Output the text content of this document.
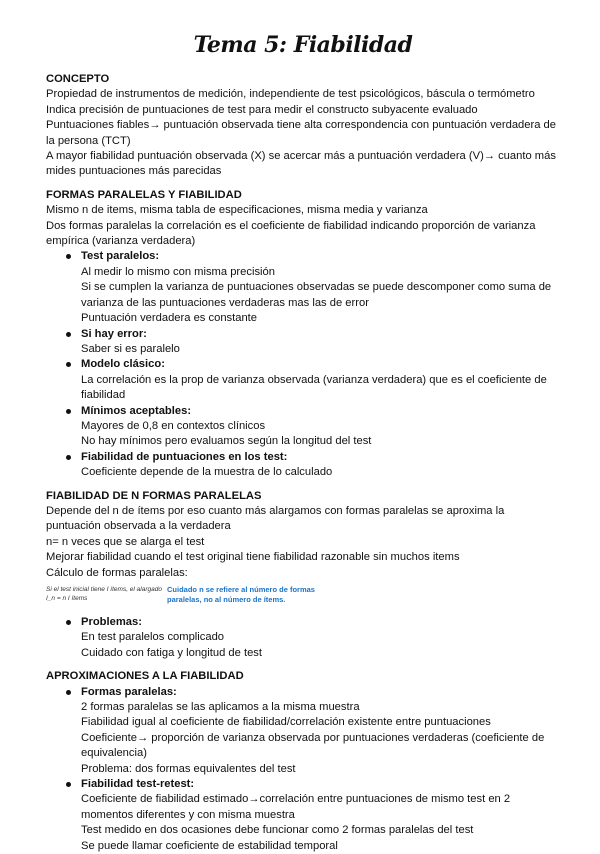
Tema 5: Fiabilidad
CONCEPTO

Propiedad de instrumentos de medición, independiente de test psicológicos, báscula o termómetro

Indica precisión de puntuaciones de test para medir el constructo subyacente evaluado

Puntuaciones fiables→ puntuación observada tiene alta correspondencia con puntuación verdadera de la persona (TCT)

A mayor fiabilidad puntuación observada (X) se acercar más a puntuación verdadera (V)→ cuanto más mides puntuaciones más parecidas

FORMAS PARALELAS Y FIABILIDAD

Mismo n de items, misma tabla de especificaciones, misma media y varianza

Dos formas paralelas la correlación es el coeficiente de fiabilidad indicando proporción de varianza empírica (varianza verdadera)

Test paralelos:

Al medir lo mismo con misma precisión

Si se cumplen la varianza de puntuaciones observadas se puede descomponer como suma de varianza de las puntuaciones verdaderas mas las de error

Puntuación verdadera es constante

Si hay error:

Saber si es paralelo

Modelo clásico:

La correlación es la prop de varianza observada (varianza verdadera) que es el coeficiente de fiabilidad

Mínimos aceptables:

Mayores de 0,8 en contextos clínicos

No hay mínimos pero evaluamos según la longitud del test

Fiabilidad de puntuaciones en los test:

Coeficiente depende de la muestra de lo calculado

FIABILIDAD DE N FORMAS PARALELAS

Depende del n de ítems por eso cuanto más alargamos con formas paralelas se aproxima la puntuación observada a la verdadera

n= n veces que se alarga el test

Mejorar fiabilidad cuando el test original tiene fiabilidad razonable sin muchos items

Cálculo de formas paralelas:

Si el test inicial tiene I ítems, el alargado
I_n = n I ítems
Cuidado n se refiere al número de formas paralelas, no al número de ítems.
Problemas:

En test paralelos complicado

Cuidado con fatiga y longitud de test

APROXIMACIONES A LA FIABILIDAD
Formas paralelas:

2 formas paralelas se las aplicamos a la misma muestra

Fiabilidad igual al coeficiente de fiabilidad/correlación existente entre puntuaciones

Coeficiente→ proporción de varianza observada por puntuaciones verdaderas (coeficiente de equivalencia)

Problema: dos formas equivalentes del test

Fiabilidad test-retest:

Coeficiente de fiabilidad estimado→correlación entre puntuaciones de mismo test en 2 momentos diferentes y con misma muestra

Test medido en dos ocasiones debe funcionar como 2 formas paralelas del test

Se puede llamar coeficiente de estabilidad temporal
